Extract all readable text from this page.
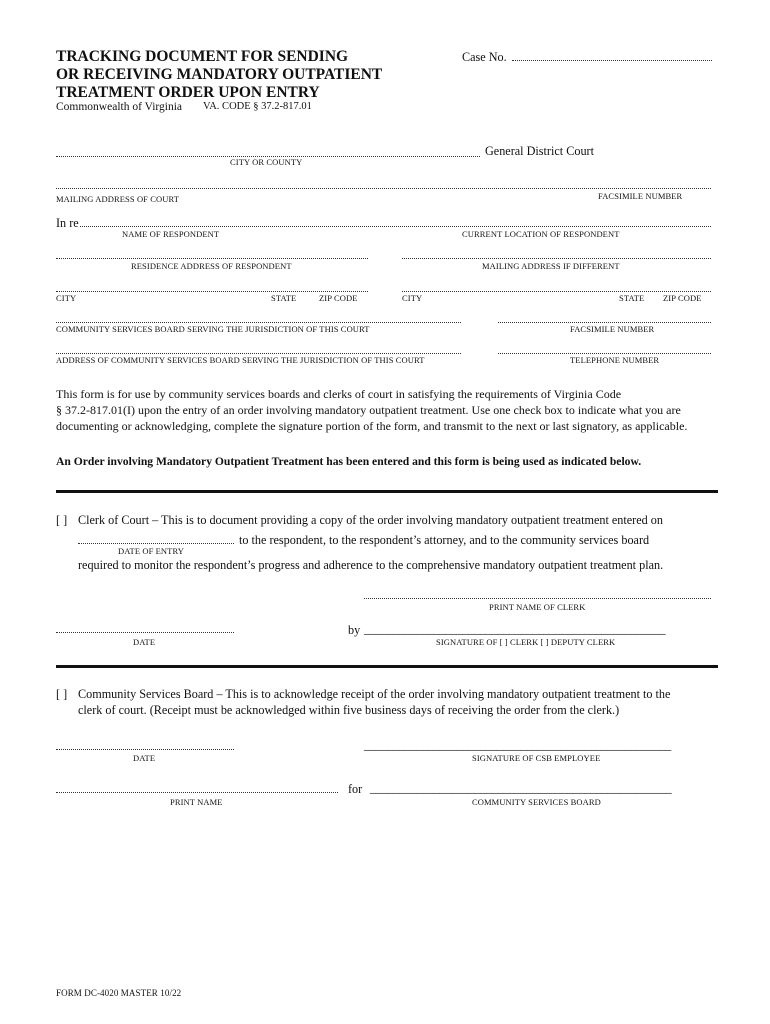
TRACKING DOCUMENT FOR SENDING
OR RECEIVING MANDATORY OUTPATIENT
TREATMENT ORDER UPON ENTRY
Commonwealth of Virginia VA. CODE § 37.2-817.01
Case No.
General District Court
CITY OR COUNTY
MAILING ADDRESS OF COURT	FACSIMILE NUMBER
In re
NAME OF RESPONDENT	CURRENT LOCATION OF RESPONDENT
RESIDENCE ADDRESS OF RESPONDENT	MAILING ADDRESS IF DIFFERENT
CITY	STATE	ZIP CODE	CITY	STATE ZIP CODE
COMMUNITY SERVICES BOARD SERVING THE JURISDICTION OF THIS COURT	FACSIMILE NUMBER
ADDRESS OF COMMUNITY SERVICES BOARD SERVING THE JURISDICTION OF THIS COURT	TELEPHONE NUMBER
This form is for use by community services boards and clerks of court in satisfying the requirements of Virginia Code
§ 37.2-817.01(I) upon the entry of an order involving mandatory outpatient treatment. Use one check box to indicate what you are
documenting or acknowledging, complete the signature portion of the form, and transmit to the next or last signatory, as applicable.
An Order involving Mandatory Outpatient Treatment has been entered and this form is being used as indicated below.
[ ] Clerk of Court – This is to document providing a copy of the order involving mandatory outpatient treatment entered on
to the respondent, to the respondent’s attorney, and to the community services board
DATE OF ENTRY
required to monitor the respondent’s progress and adherence to the comprehensive mandatory outpatient treatment plan.
PRINT NAME OF CLERK
by ____________________________________________________
DATE	SIGNATURE OF [ ] CLERK [ ] DEPUTY CLERK
[ ] Community Services Board – This is to acknowledge receipt of the order involving mandatory outpatient treatment to the
clerk of court. (Receipt must be acknowledged within five business days of receiving the order from the clerk.)
_____________________________________________________
DATE	SIGNATURE OF CSB EMPLOYEE
for ____________________________________________________
PRINT NAME	COMMUNITY SERVICES BOARD
FORM DC-4020 MASTER 10/22
